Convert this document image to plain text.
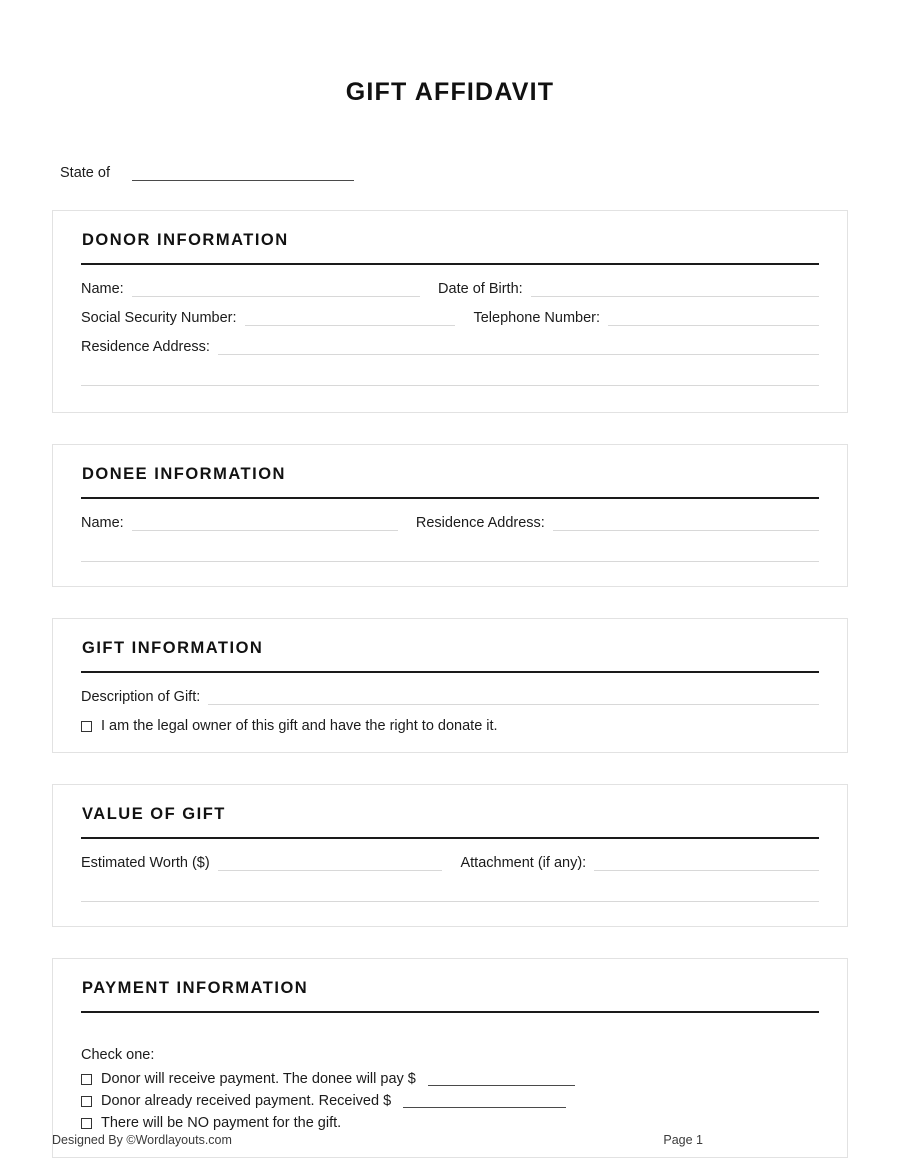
GIFT AFFIDAVIT
State of
DONOR INFORMATION
Name:	Date of Birth:
Social Security Number:	Telephone Number:
Residence Address:
DONEE INFORMATION
Name:	Residence Address:
GIFT INFORMATION
Description of Gift:
I am the legal owner of this gift and have the right to donate it.
VALUE OF GIFT
Estimated Worth ($)	Attachment (if any):
PAYMENT INFORMATION
Check one:
Donor will receive payment. The donee will pay $
Donor already received payment. Received $
There will be NO payment for the gift.
Designed By ©Wordlayouts.com	Page 1
